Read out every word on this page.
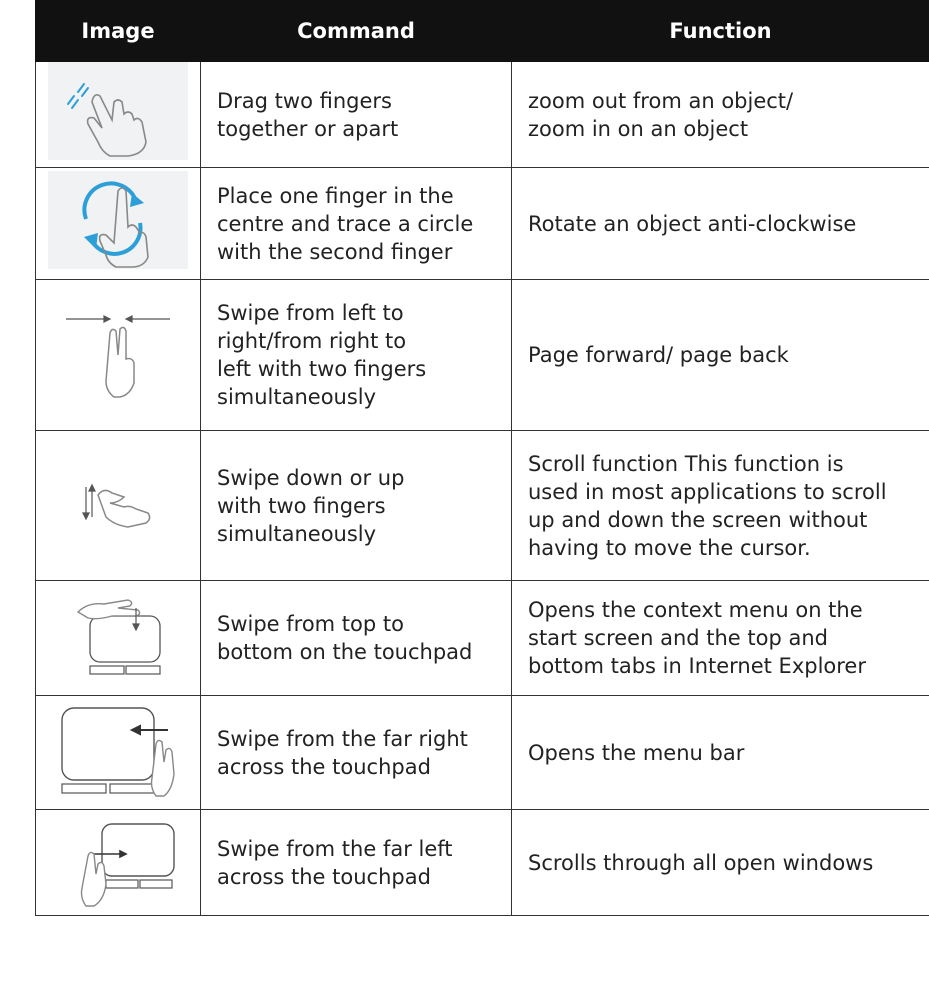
Image	Command	Function

Drag two fingers
together or apart	zoom out from an object/
zoom in on an object

Place one finger in the
centre and trace a circle
with the second finger	Rotate an object anti-clockwise

Swipe from left to
right/from right to
left with two fingers
simultaneously	Page forward/ page back

Swipe down or up
with two fingers
simultaneously	Scroll function This function is
used in most applications to scroll
up and down the screen without
having to move the cursor.

Swipe from top to
bottom on the touchpad	Opens the context menu on the
start screen and the top and
bottom tabs in Internet Explorer

Swipe from the far right
across the touchpad	Opens the menu bar

Swipe from the far left
across the touchpad	Scrolls through all open windows
